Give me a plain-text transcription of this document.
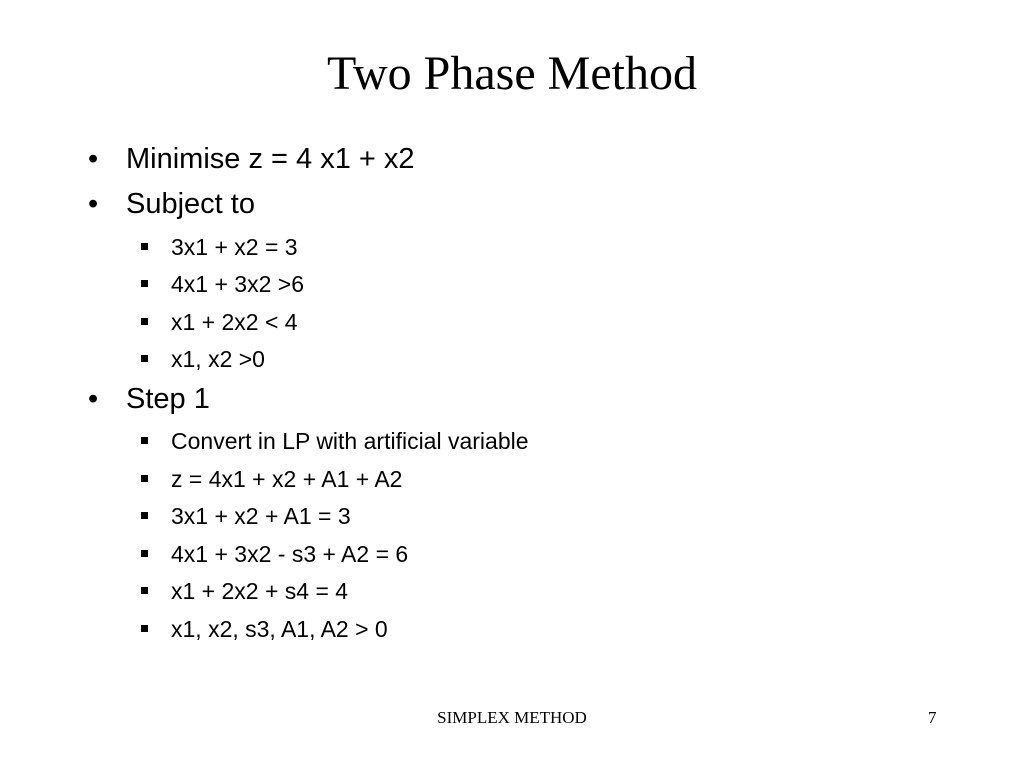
Two Phase Method
• Minimise z = 4 x1 + x2
• Subject to
3x1 + x2 = 3
4x1 + 3x2 >6
x1 + 2x2 < 4
x1, x2 >0
• Step 1
Convert in LP with artificial variable
z = 4x1 + x2 + A1 + A2
3x1 + x2 + A1 = 3
4x1 + 3x2 - s3 + A2 = 6
x1 + 2x2 + s4 = 4
x1, x2, s3, A1, A2 > 0
SIMPLEX METHOD	7
